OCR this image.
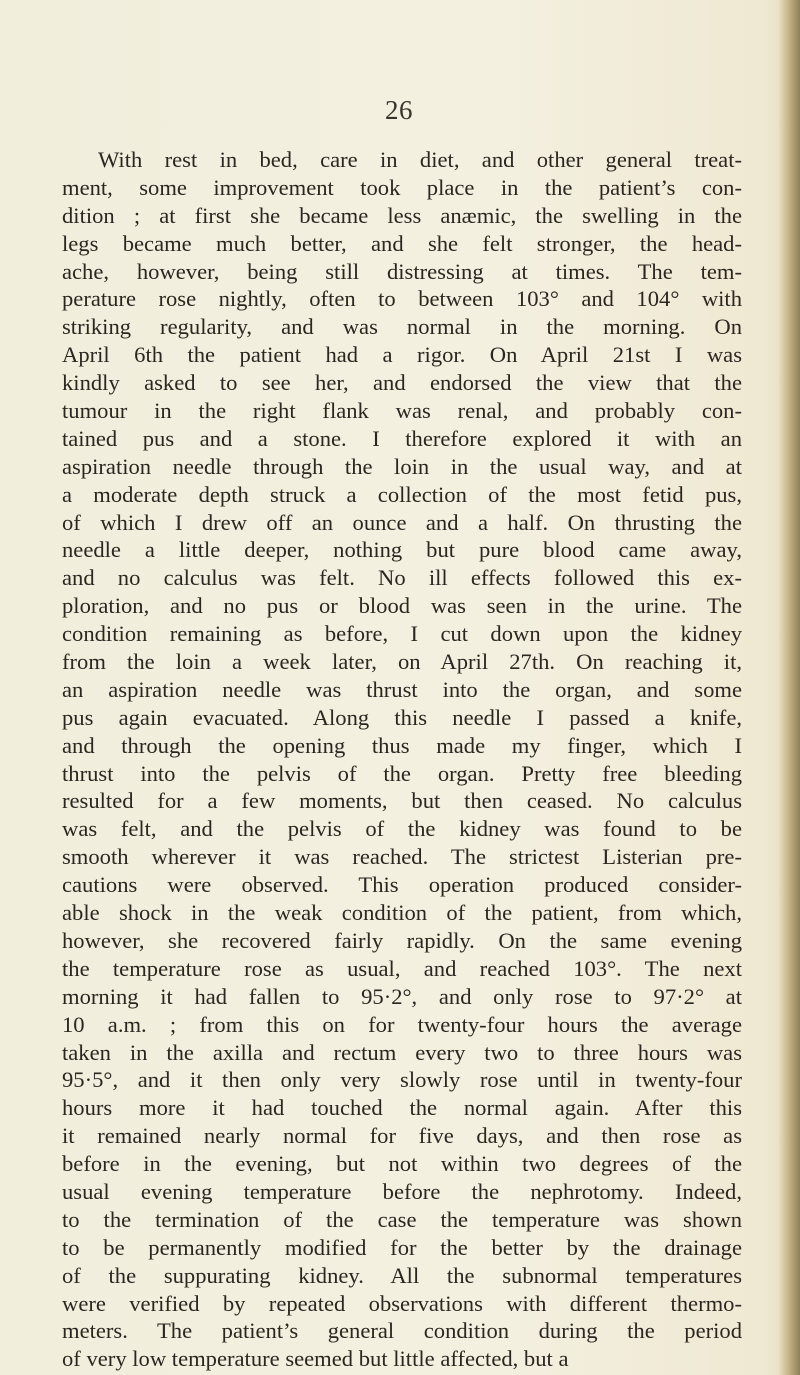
26
With rest in bed, care in diet, and other general treat-
ment, some improvement took place in the patient’s con-
dition ; at first she became less anæmic, the swelling in the
legs became much better, and she felt stronger, the head-
ache, however, being still distressing at times. The tem-
perature rose nightly, often to between 103° and 104° with
striking regularity, and was normal in the morning. On
April 6th the patient had a rigor. On April 21st I was
kindly asked to see her, and endorsed the view that the
tumour in the right flank was renal, and probably con-
tained pus and a stone. I therefore explored it with an
aspiration needle through the loin in the usual way, and at
a moderate depth struck a collection of the most fetid pus,
of which I drew off an ounce and a half. On thrusting the
needle a little deeper, nothing but pure blood came away,
and no calculus was felt. No ill effects followed this ex-
ploration, and no pus or blood was seen in the urine. The
condition remaining as before, I cut down upon the kidney
from the loin a week later, on April 27th. On reaching it,
an aspiration needle was thrust into the organ, and some
pus again evacuated. Along this needle I passed a knife,
and through the opening thus made my finger, which I
thrust into the pelvis of the organ. Pretty free bleeding
resulted for a few moments, but then ceased. No calculus
was felt, and the pelvis of the kidney was found to be
smooth wherever it was reached. The strictest Listerian pre-
cautions were observed. This operation produced consider-
able shock in the weak condition of the patient, from which,
however, she recovered fairly rapidly. On the same evening
the temperature rose as usual, and reached 103°. The next
morning it had fallen to 95·2°, and only rose to 97·2° at
10 a.m. ; from this on for twenty-four hours the average
taken in the axilla and rectum every two to three hours was
95·5°, and it then only very slowly rose until in twenty-four
hours more it had touched the normal again. After this
it remained nearly normal for five days, and then rose as
before in the evening, but not within two degrees of the
usual evening temperature before the nephrotomy. Indeed,
to the termination of the case the temperature was shown
to be permanently modified for the better by the drainage
of the suppurating kidney. All the subnormal temperatures
were verified by repeated observations with different thermo-
meters. The patient’s general condition during the period
of very low temperature seemed but little affected, but a
